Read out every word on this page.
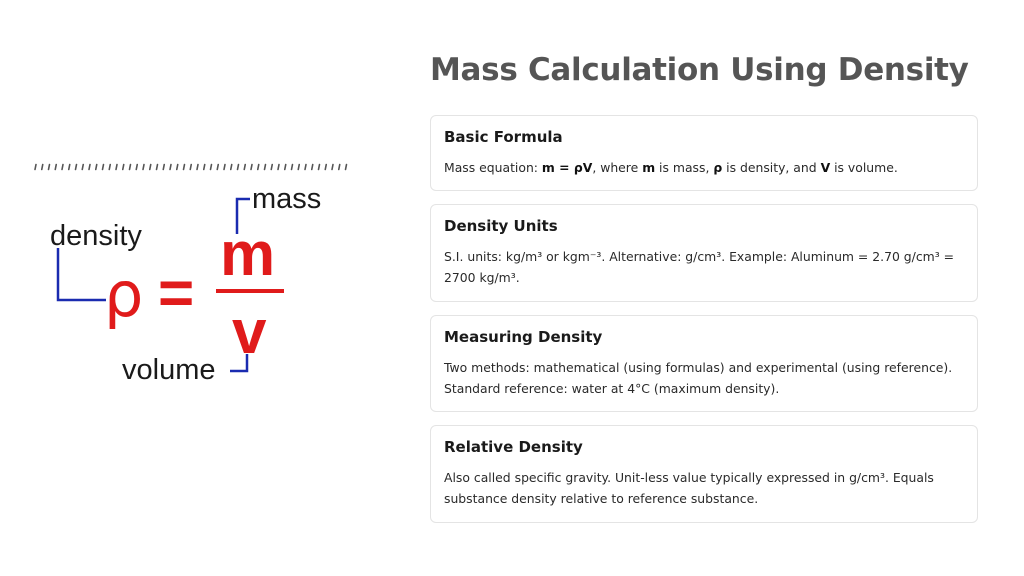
mass
density
volume
ρ =
m
v
Mass Calculation Using Density
Basic Formula

Mass equation: m = ρV, where m is mass, ρ is density, and V is volume.

Density Units

S.I. units: kg/m³ or kgm⁻³. Alternative: g/cm³. Example: Aluminum = 2.70 g/cm³ = 2700 kg/m³.

Measuring Density

Two methods: mathematical (using formulas) and experimental (using reference). Standard reference: water at 4°C (maximum density).

Relative Density

Also called specific gravity. Unit-less value typically expressed in g/cm³. Equals substance density relative to reference substance.
